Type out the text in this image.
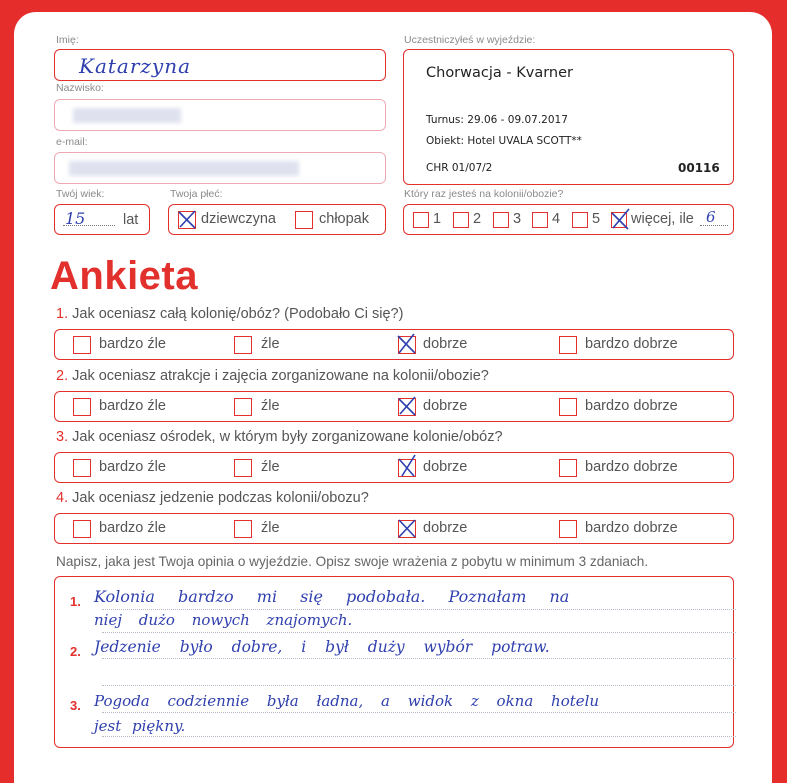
Imię:
Katarzyna
Nazwisko:
e-mail:
Twój wiek:
15	lat
Twoja płeć:
dziewczyna	chłopak
Uczestniczyłeś w wyjeździe:
Chorwacja - Kvarner
Turnus: 29.06 - 09.07.2017
Obiekt: Hotel UVALA SCOTT**
CHR 01/07/2	00116
Który raz jesteś na kolonii/obozie?
1 2 3 4 5 więcej, ile 6
Ankieta
1. Jak oceniasz całą kolonię/obóz? (Podobało Ci się?)
bardzo źle	źle	dobrze	bardzo dobrze
2. Jak oceniasz atrakcje i zajęcia zorganizowane na kolonii/obozie?
bardzo źle	źle	dobrze	bardzo dobrze
3. Jak oceniasz ośrodek, w którym były zorganizowane kolonie/obóz?
bardzo źle	źle	dobrze	bardzo dobrze
4. Jak oceniasz jedzenie podczas kolonii/obozu?
bardzo źle	źle	dobrze	bardzo dobrze
Napisz, jaka jest Twoja opinia o wyjeździe. Opisz swoje wrażenia z pobytu w minimum 3 zdaniach.
1.
2.
3.
Kolonia bardzo mi się podobała. Poznałam na
niej dużo nowych znajomych.
Jedzenie było dobre, i był duży wybór potraw.
Pogoda codziennie była ładna, a widok z okna hotelu
jest piękny.
